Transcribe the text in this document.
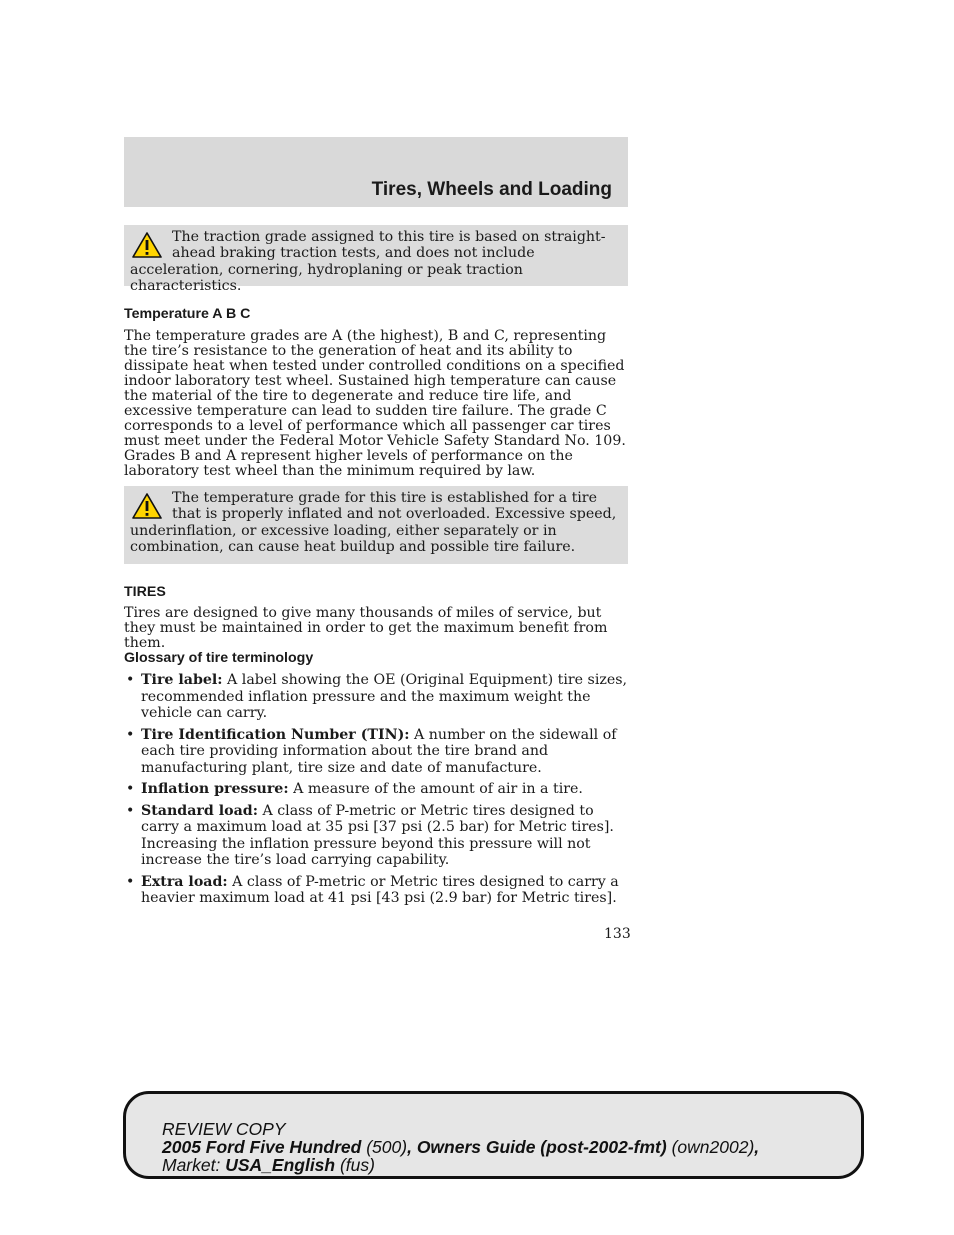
Tires, Wheels and Loading
The traction grade assigned to this tire is based on straight-ahead braking traction tests, and does not include acceleration, cornering, hydroplaning or peak traction characteristics.
Temperature A B C
The temperature grades are A (the highest), B and C, representing the tire’s resistance to the generation of heat and its ability to dissipate heat when tested under controlled conditions on a specified indoor laboratory test wheel. Sustained high temperature can cause the material of the tire to degenerate and reduce tire life, and excessive temperature can lead to sudden tire failure. The grade C corresponds to a level of performance which all passenger car tires must meet under the Federal Motor Vehicle Safety Standard No. 109. Grades B and A represent higher levels of performance on the laboratory test wheel than the minimum required by law.
The temperature grade for this tire is established for a tire that is properly inflated and not overloaded. Excessive speed, underinflation, or excessive loading, either separately or in combination, can cause heat buildup and possible tire failure.
TIRES
Tires are designed to give many thousands of miles of service, but they must be maintained in order to get the maximum benefit from them.
Glossary of tire terminology
• Tire label: A label showing the OE (Original Equipment) tire sizes, recommended inflation pressure and the maximum weight the vehicle can carry.
• Tire Identification Number (TIN): A number on the sidewall of each tire providing information about the tire brand and manufacturing plant, tire size and date of manufacture.
• Inflation pressure: A measure of the amount of air in a tire.
• Standard load: A class of P-metric or Metric tires designed to carry a maximum load at 35 psi [37 psi (2.5 bar) for Metric tires]. Increasing the inflation pressure beyond this pressure will not increase the tire’s load carrying capability.
• Extra load: A class of P-metric or Metric tires designed to carry a heavier maximum load at 41 psi [43 psi (2.9 bar) for Metric tires].
133
REVIEW COPY
2005 Ford Five Hundred (500), Owners Guide (post-2002-fmt) (own2002),
Market: USA_English (fus)
